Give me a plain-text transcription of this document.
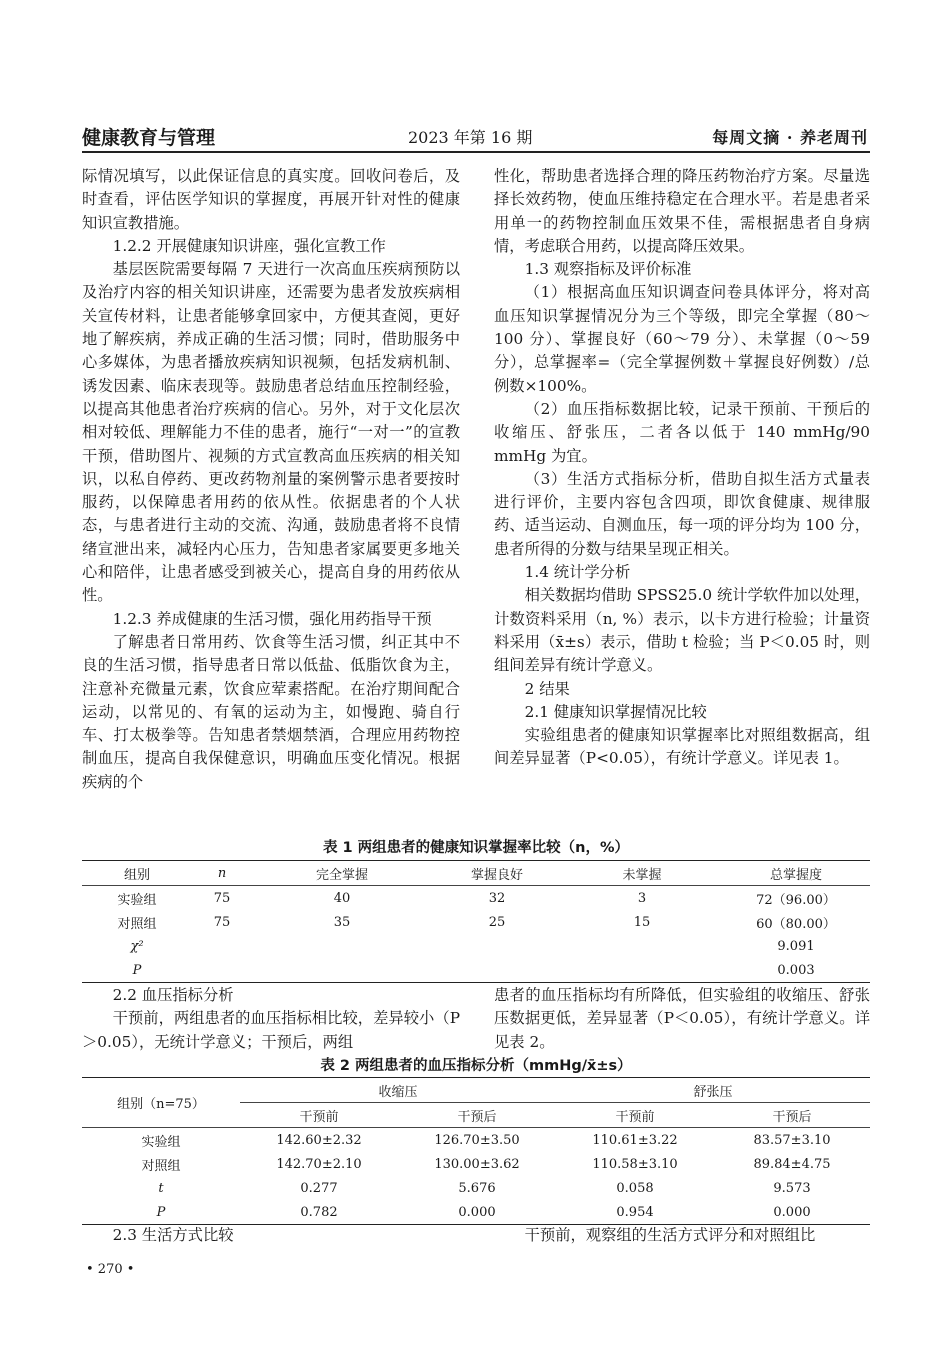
健康教育与管理	2023 年第 16 期	每周文摘 · 养老周刊

际情况填写，以此保证信息的真实度。回收问卷后，及时查看，评估医学知识的掌握度，再展开针对性的健康知识宣教措施。

1.2.2 开展健康知识讲座，强化宣教工作

基层医院需要每隔 7 天进行一次高血压疾病预防以及治疗内容的相关知识讲座，还需要为患者发放疾病相关宣传材料，让患者能够拿回家中，方便其查阅，更好地了解疾病，养成正确的生活习惯；同时，借助服务中心多媒体，为患者播放疾病知识视频，包括发病机制、诱发因素、临床表现等。鼓励患者总结血压控制经验，以提高其他患者治疗疾病的信心。另外，对于文化层次相对较低、理解能力不佳的患者，施行“一对一”的宣教干预，借助图片、视频的方式宣教高血压疾病的相关知识，以私自停药、更改药物剂量的案例警示患者要按时服药，以保障患者用药的依从性。依据患者的个人状态，与患者进行主动的交流、沟通，鼓励患者将不良情绪宣泄出来，减轻内心压力，告知患者家属要更多地关心和陪伴，让患者感受到被关心，提高自身的用药依从性。

1.2.3 养成健康的生活习惯，强化用药指导干预

了解患者日常用药、饮食等生活习惯，纠正其中不良的生活习惯，指导患者日常以低盐、低脂饮食为主，注意补充微量元素，饮食应荤素搭配。在治疗期间配合运动，以常见的、有氧的运动为主，如慢跑、骑自行车、打太极拳等。告知患者禁烟禁酒，合理应用药物控制血压，提高自我保健意识，明确血压变化情况。根据疾病的个

性化，帮助患者选择合理的降压药物治疗方案。尽量选择长效药物，使血压维持稳定在合理水平。若是患者采用单一的药物控制血压效果不佳，需根据患者自身病情，考虑联合用药，以提高降压效果。

1.3 观察指标及评价标准

（1）根据高血压知识调查问卷具体评分，将对高血压知识掌握情况分为三个等级，即完全掌握（80～100 分）、掌握良好（60～79 分）、未掌握（0～59 分），总掌握率=（完全掌握例数＋掌握良好例数）/总例数×100%。

（2）血压指标数据比较，记录干预前、干预后的收缩压、舒张压，二者各以低于 140 mmHg/90 mmHg 为宜。

（3）生活方式指标分析，借助自拟生活方式量表进行评价，主要内容包含四项，即饮食健康、规律服药、适当运动、自测血压，每一项的评分均为 100 分，患者所得的分数与结果呈现正相关。

1.4 统计学分析

相关数据均借助 SPSS25.0 统计学软件加以处理，计数资料采用（n, %）表示，以卡方进行检验；计量资料采用（x̄±s）表示，借助 t 检验；当 P＜0.05 时，则组间差异有统计学意义。

2 结果

2.1 健康知识掌握情况比较

实验组患者的健康知识掌握率比对照组数据高，组间差异显著（P<0.05），有统计学意义。详见表 1。

表 1 两组患者的健康知识掌握率比较（n，%）
组别	n	完全掌握	掌握良好	未掌握	总掌握度
实验组	75	40	32	3	72（96.00）
对照组	75	35	25	15	60（80.00）
χ²					9.091
P					0.003

2.2 血压指标分析

干预前，两组患者的血压指标相比较，差异较小（P＞0.05），无统计学意义；干预后，两组

患者的血压指标均有所降低，但实验组的收缩压、舒张压数据更低，差异显著（P＜0.05），有统计学意义。详见表 2。

表 2 两组患者的血压指标分析（mmHg/x̄±s）
组别（n=75）	收缩压		舒张压	
	干预前	干预后	干预前	干预后
实验组	142.60±2.32	126.70±3.50	110.61±3.22	83.57±3.10
对照组	142.70±2.10	130.00±3.62	110.58±3.10	89.84±4.75
t	0.277	5.676	0.058	9.573
P	0.782	0.000	0.954	0.000

2.3 生活方式比较	干预前，观察组的生活方式评分和对照组比

• 270 •
